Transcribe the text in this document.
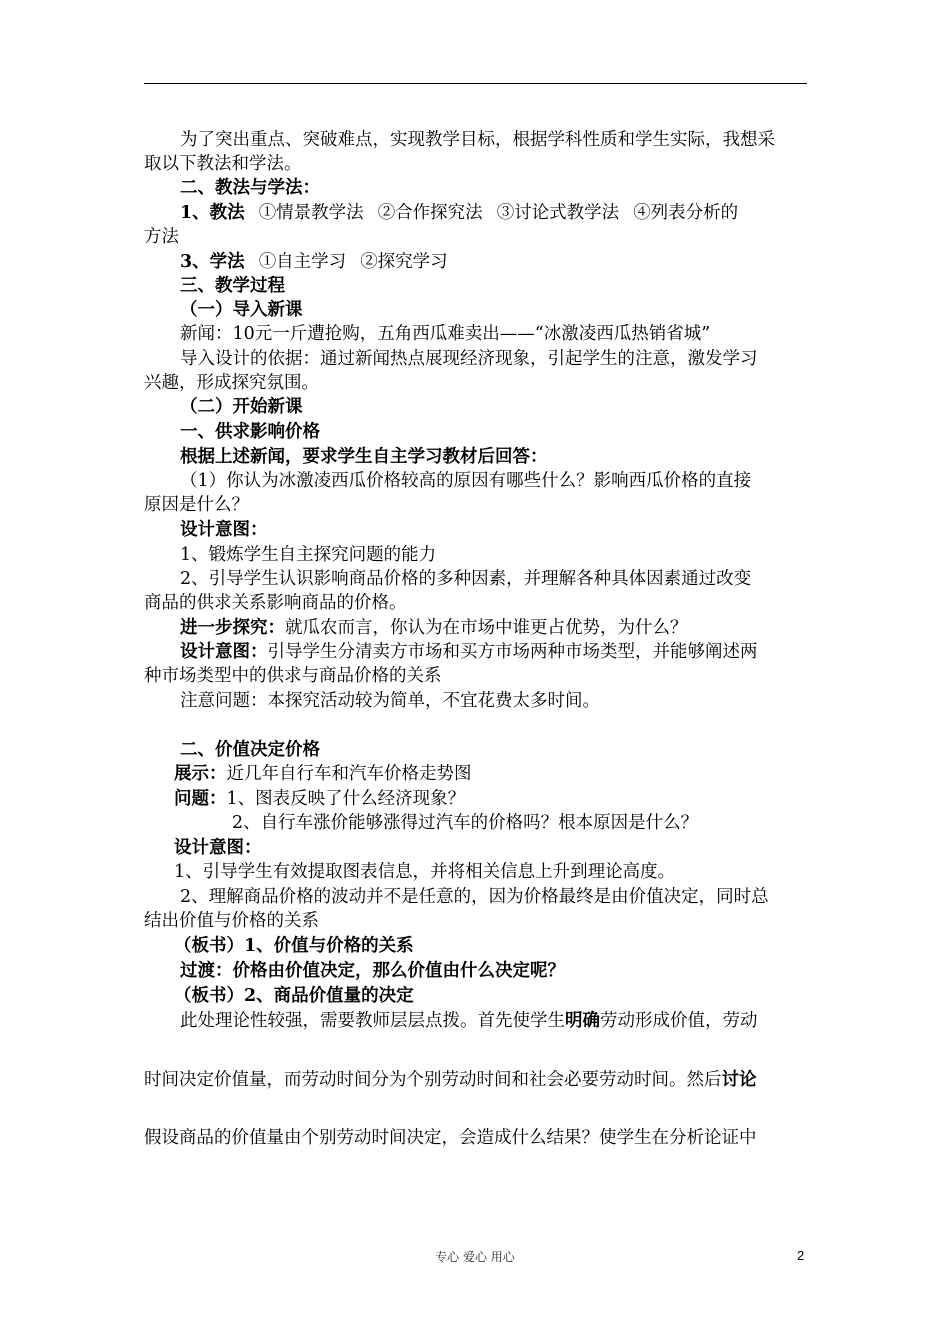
为了突出重点、突破难点，实现教学目标，根据学科性质和学生实际，我想采
取以下教法和学法。
二、教法与学法：
1、教法 ①情景教学法 ②合作探究法 ③讨论式教学法 ④列表分析的
方法
3、学法 ①自主学习 ②探究学习
三、教学过程
（一）导入新课
新闻：10元一斤遭抢购，五角西瓜难卖出——“冰激凌西瓜热销省城”
导入设计的依据：通过新闻热点展现经济现象，引起学生的注意，激发学习
兴趣，形成探究氛围。
（二）开始新课
一、供求影响价格
根据上述新闻，要求学生自主学习教材后回答：
（1）你认为冰激凌西瓜价格较高的原因有哪些什么？影响西瓜价格的直接
原因是什么？
设计意图：
1、锻炼学生自主探究问题的能力
2、引导学生认识影响商品价格的多种因素，并理解各种具体因素通过改变
商品的供求关系影响商品的价格。
进一步探究：就瓜农而言，你认为在市场中谁更占优势，为什么？
设计意图：引导学生分清卖方市场和买方市场两种市场类型，并能够阐述两
种市场类型中的供求与商品价格的关系
注意问题：本探究活动较为简单，不宜花费太多时间。
二、价值决定价格
展示：近几年自行车和汽车价格走势图
问题：1、图表反映了什么经济现象？
2、自行车涨价能够涨得过汽车的价格吗？根本原因是什么？
设计意图：
1、引导学生有效提取图表信息，并将相关信息上升到理论高度。
2、理解商品价格的波动并不是任意的，因为价格最终是由价值决定，同时总
结出价值与价格的关系
（板书）1、价值与价格的关系
过渡：价格由价值决定，那么价值由什么决定呢？
（板书）2、商品价值量的决定
此处理论性较强，需要教师层层点拨。首先使学生明确劳动形成价值，劳动
时间决定价值量，而劳动时间分为个别劳动时间和社会必要劳动时间。然后讨论
假设商品的价值量由个别劳动时间决定，会造成什么结果？使学生在分析论证中
专心 爱心 用心	2
